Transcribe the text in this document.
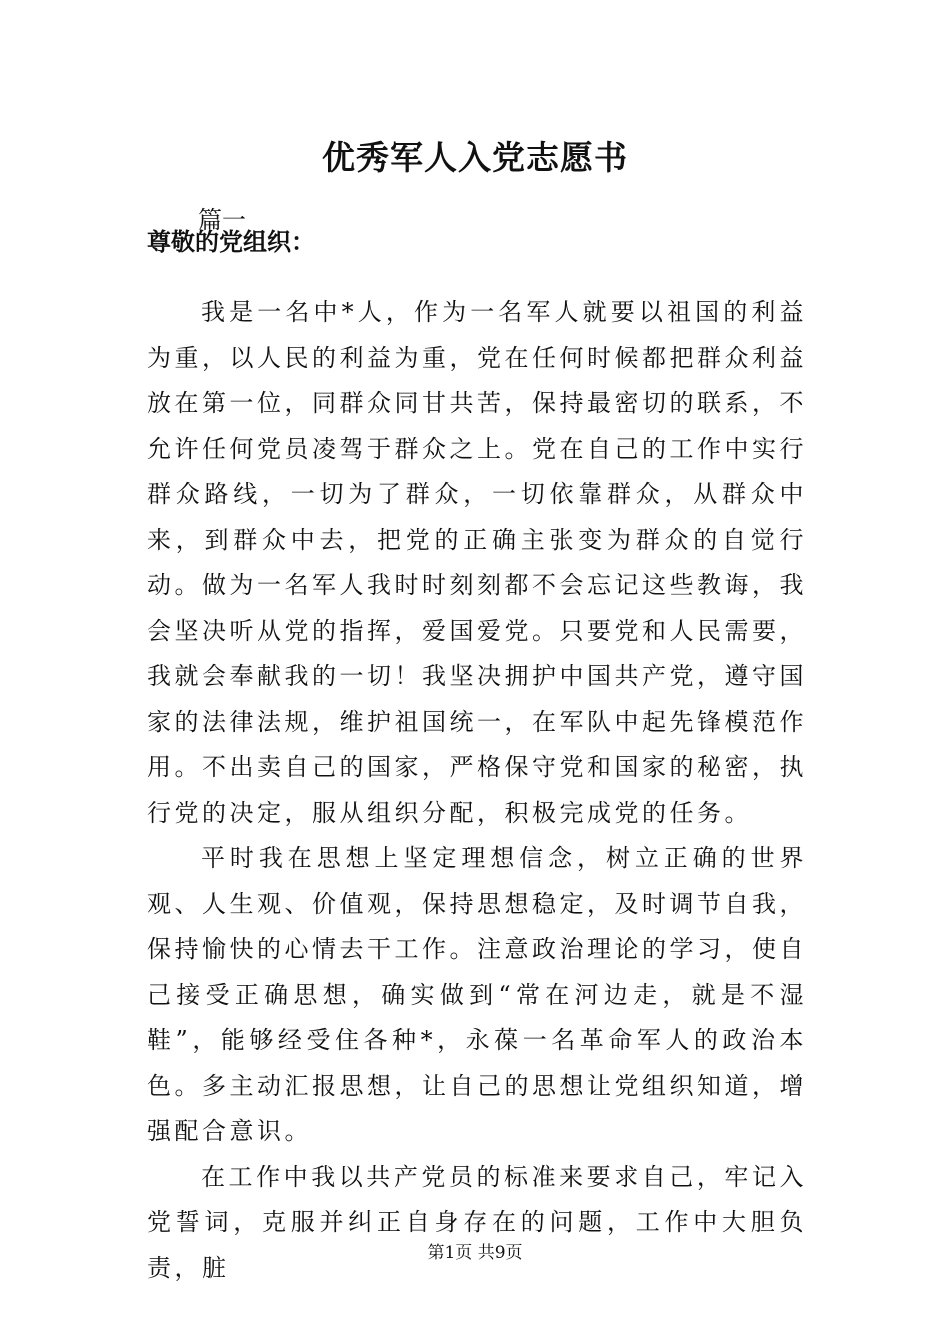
优秀军人入党志愿书

篇一

尊敬的党组织：

我是一名中*人，作为一名军人就要以祖国的利益为重，以人民的利益为重，党在任何时候都把群众利益放在第一位，同群众同甘共苦，保持最密切的联系，不允许任何党员凌驾于群众之上。党在自己的工作中实行群众路线，一切为了群众，一切依靠群众，从群众中来，到群众中去，把党的正确主张变为群众的自觉行动。做为一名军人我时时刻刻都不会忘记这些教诲，我会坚决听从党的指挥，爱国爱党。只要党和人民需要，我就会奉献我的一切！我坚决拥护中国共产党，遵守国家的法律法规，维护祖国统一，在军队中起先锋模范作用。不出卖自己的国家，严格保守党和国家的秘密，执行党的决定，服从组织分配，积极完成党的任务。

平时我在思想上坚定理想信念，树立正确的世界观、人生观、价值观，保持思想稳定，及时调节自我，保持愉快的心情去干工作。注意政治理论的学习，使自己接受正确思想，确实做到“常在河边走，就是不湿鞋”，能够经受住各种*，永葆一名革命军人的政治本色。多主动汇报思想，让自己的思想让党组织知道，增强配合意识。

在工作中我以共产党员的标准来要求自己，牢记入党誓词，克服并纠正自身存在的问题，工作中大胆负责，脏

第1页 共9页
